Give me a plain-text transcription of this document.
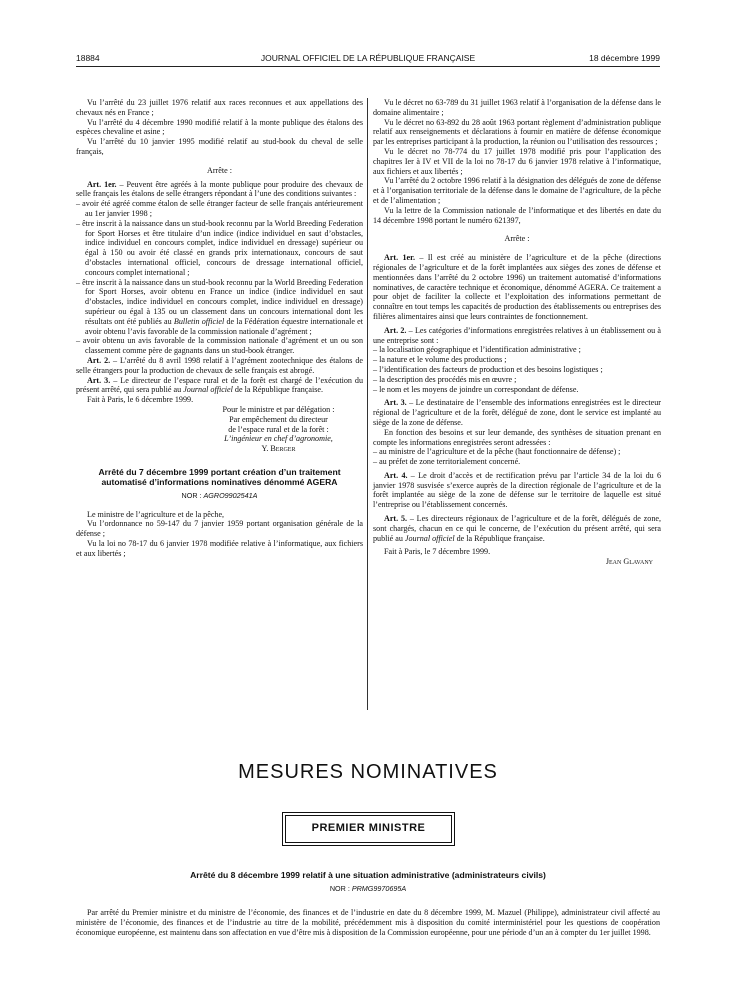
JOURNAL OFFICIEL DE LA RÉPUBLIQUE FRANÇAISE
18884	18 décembre 1999

Vu l’arrêté du 23 juillet 1976 relatif aux races reconnues et aux appellations des chevaux nés en France ;

Vu l’arrêté du 4 décembre 1990 modifié relatif à la monte publique des étalons des espèces chevaline et asine ;

Vu l’arrêté du 10 janvier 1995 modifié relatif au stud-book du cheval de selle français,

Arrête :

Art. 1er. – Peuvent être agréés à la monte publique pour produire des chevaux de selle français les étalons de selle étrangers répondant à l’une des conditions suivantes :

– avoir été agréé comme étalon de selle étranger facteur de selle français antérieurement au 1er janvier 1998 ;

– être inscrit à la naissance dans un stud-book reconnu par la World Breeding Federation for Sport Horses et être titulaire d’un indice (indice individuel en saut d’obstacles, indice individuel en concours complet, indice individuel en dressage) supérieur ou égal à 150 ou avoir été classé en grands prix internationaux, concours de saut d’obstacles international officiel, concours de dressage international officiel, concours complet international ;

– être inscrit à la naissance dans un stud-book reconnu par la World Breeding Federation for Sport Horses, avoir obtenu en France un indice (indice individuel en saut d’obstacles, indice individuel en concours complet, indice individuel en dressage) supérieur ou égal à 135 ou un classement dans un concours international dont les résultats ont été publiés au Bulletin officiel de la Fédération équestre internationale et avoir obtenu l’avis favorable de la commission nationale d’agrément ;

– avoir obtenu un avis favorable de la commission nationale d’agrément et un ou son classement comme père de gagnants dans un stud-book étranger.

Art. 2. – L’arrêté du 8 avril 1998 relatif à l’agrément zootechnique des étalons de selle étrangers pour la production de chevaux de selle français est abrogé.

Art. 3. – Le directeur de l’espace rural et de la forêt est chargé de l’exécution du présent arrêté, qui sera publié au Journal officiel de la République française.

Fait à Paris, le 6 décembre 1999.

Pour le ministre et par délégation :

Par empêchement du directeur

de l’espace rural et de la forêt :

L’ingénieur en chef d’agronomie,

Y. Berger

Arrêté du 7 décembre 1999 portant création d’un traitement automatisé d’informations nominatives dénommé AGERA

NOR : AGRO9902541A

Le ministre de l’agriculture et de la pêche,

Vu l’ordonnance no 59-147 du 7 janvier 1959 portant organisation générale de la défense ;

Vu la loi no 78-17 du 6 janvier 1978 modifiée relative à l’informatique, aux fichiers et aux libertés ;

Vu le décret no 63-789 du 31 juillet 1963 relatif à l’organisation de la défense dans le domaine alimentaire ;

Vu le décret no 63-892 du 28 août 1963 portant règlement d’administration publique relatif aux renseignements et déclarations à fournir en matière de défense économique par les entreprises participant à la production, la réunion ou l’utilisation des ressources ;

Vu le décret no 78-774 du 17 juillet 1978 modifié pris pour l’application des chapitres Ier à IV et VII de la loi no 78-17 du 6 janvier 1978 relative à l’informatique, aux fichiers et aux libertés ;

Vu l’arrêté du 2 octobre 1996 relatif à la désignation des délégués de zone de défense et à l’organisation territoriale de la défense dans le domaine de l’agriculture, de la pêche et de l’alimentation ;

Vu la lettre de la Commission nationale de l’informatique et des libertés en date du 14 décembre 1998 portant le numéro 621397,

Arrête :

Art. 1er. – Il est créé au ministère de l’agriculture et de la pêche (directions régionales de l’agriculture et de la forêt implantées aux sièges des zones de défense et mentionnées dans l’arrêté du 2 octobre 1996) un traitement automatisé d’informations nominatives, de caractère technique et économique, dénommé AGERA. Ce traitement a pour objet de faciliter la collecte et l’exploitation des informations permettant de connaître en tout temps les capacités de production des établissements ou entreprises des filières alimentaires ainsi que leurs contraintes de fonctionnement.

Art. 2. – Les catégories d’informations enregistrées relatives à un établissement ou à une entreprise sont :

– la localisation géographique et l’identification administrative ;

– la nature et le volume des productions ;

– l’identification des facteurs de production et des besoins logistiques ;

– la description des procédés mis en œuvre ;

– le nom et les moyens de joindre un correspondant de défense.

Art. 3. – Le destinataire de l’ensemble des informations enregistrées est le directeur régional de l’agriculture et de la forêt, délégué de zone, dont le service est implanté au siège de la zone de défense.

En fonction des besoins et sur leur demande, des synthèses de situation prenant en compte les informations enregistrées seront adressées :

– au ministre de l’agriculture et de la pêche (haut fonctionnaire de défense) ;

– au préfet de zone territorialement concerné.

Art. 4. – Le droit d’accès et de rectification prévu par l’article 34 de la loi du 6 janvier 1978 susvisée s’exerce auprès de la direction régionale de l’agriculture et de la forêt implantée au siège de la zone de défense sur le territoire de laquelle est situé l’entreprise ou l’établissement concernés.

Art. 5. – Les directeurs régionaux de l’agriculture et de la forêt, délégués de zone, sont chargés, chacun en ce qui le concerne, de l’exécution du présent arrêté, qui sera publié au Journal officiel de la République française.

Fait à Paris, le 7 décembre 1999.

Jean Glavany

MESURES NOMINATIVES
PREMIER MINISTRE
Arrêté du 8 décembre 1999 relatif à une situation administrative (administrateurs civils)
NOR : PRMG9970695A

Par arrêté du Premier ministre et du ministre de l’économie, des finances et de l’industrie en date du 8 décembre 1999, M. Mazuel (Philippe), administrateur civil affecté au ministère de l’économie, des finances et de l’industrie au titre de la mobilité, précédemment mis à disposition du comité interministériel pour les questions de coopération économique européenne, est maintenu dans son affectation en vue d’être mis à disposition de la Commission européenne, pour une période d’un an à compter du 1er juillet 1998.
